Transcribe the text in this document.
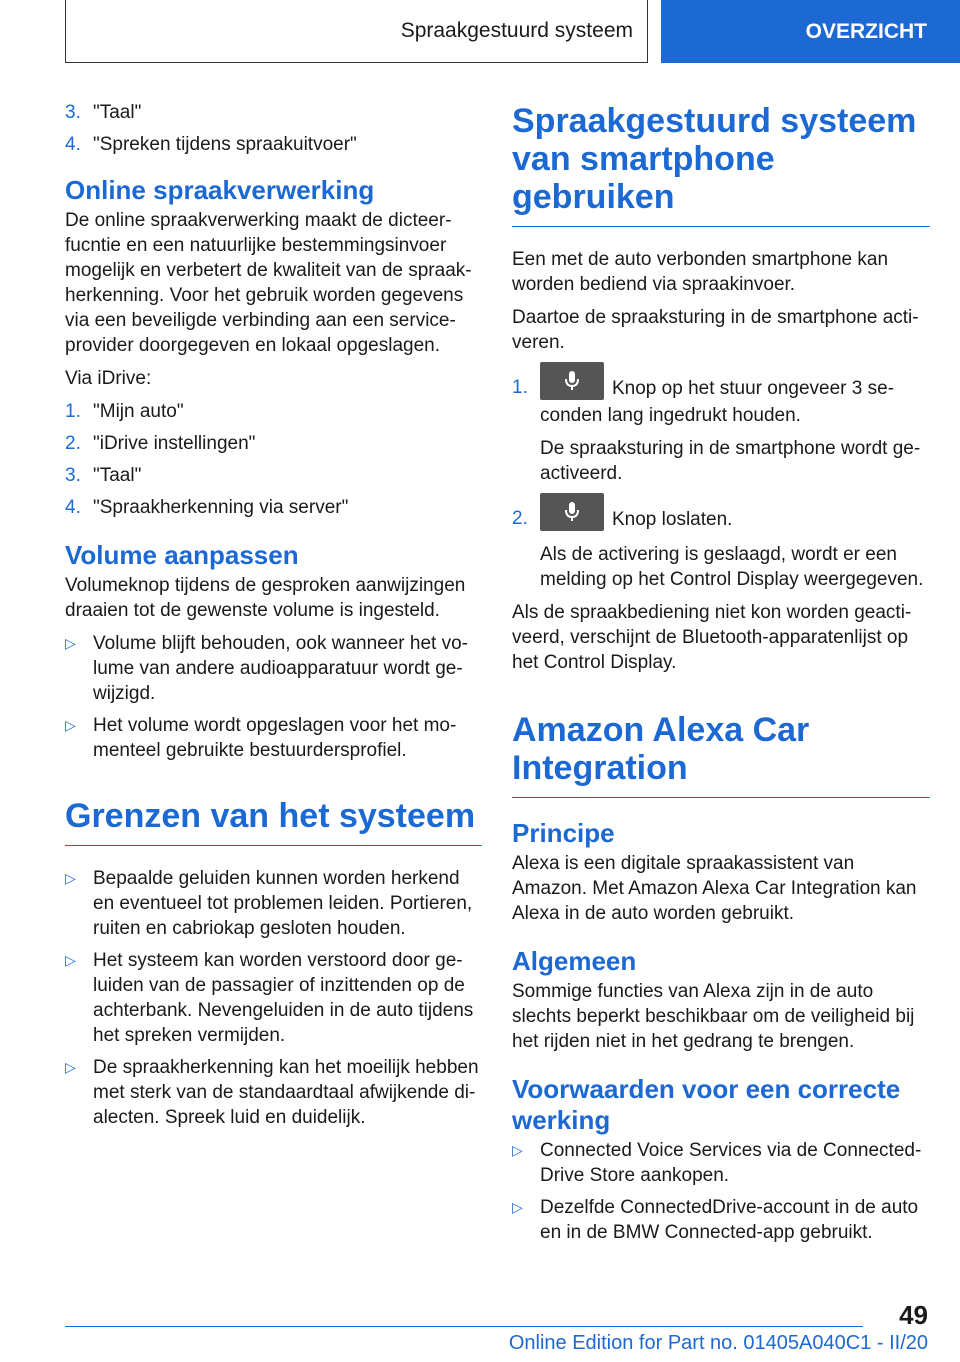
Spraakgestuurd systeem	OVERZICHT
3. "Taal"
4. "Spreken tijdens spraakuitvoer"
Online spraakverwerking

De online spraakverwerking maakt de dicteerfucntie en een natuurlijke bestemmingsinvoer mogelijk en verbetert de kwaliteit van de spraakherkenning. Voor het gebruik worden gegevens via een beveiligde verbinding aan een serviceprovider doorgegeven en lokaal opgeslagen.

Via iDrive:

1. "Mijn auto"
2. "iDrive instellingen"
3. "Taal"
4. "Spraakherkenning via server"
Volume aanpassen

Volumeknop tijdens de gesproken aanwijzingen draaien tot de gewenste volume is ingesteld.

▷ Volume blijft behouden, ook wanneer het volume van andere audioapparatuur wordt gewijzigd.
▷ Het volume wordt opgeslagen voor het momenteel gebruikte bestuurdersprofiel.
Grenzen van het systeem
▷ Bepaalde geluiden kunnen worden herkend en eventueel tot problemen leiden. Portieren, ruiten en cabriokap gesloten houden.
▷ Het systeem kan worden verstoord door geluiden van de passagier of inzittenden op de achterbank. Nevengeluiden in de auto tijdens het spreken vermijden.
▷ De spraakherkenning kan het moeilijk hebben met sterk van de standaardtaal afwijkende dialecten. Spreek luid en duidelijk.
Spraakgestuurd systeem van smartphone gebruiken

Een met de auto verbonden smartphone kan worden bediend via spraakinvoer.

Daartoe de spraaksturing in de smartphone activeren.

1.	Knop op het stuur ongeveer 3 seconden lang ingedrukt houden.
De spraaksturing in de smartphone wordt geactiveerd.
2.	Knop loslaten.
Als de activering is geslaagd, wordt er een melding op het Control Display weergegeven.

Als de spraakbediening niet kon worden geactiveerd, verschijnt de Bluetooth-apparatenlijst op het Control Display.

Amazon Alexa Car Integration
Principe

Alexa is een digitale spraakassistent van Amazon. Met Amazon Alexa Car Integration kan Alexa in de auto worden gebruikt.

Algemeen

Sommige functies van Alexa zijn in de auto slechts beperkt beschikbaar om de veiligheid bij het rijden niet in het gedrang te brengen.

Voorwaarden voor een correcte werking
▷ Connected Voice Services via de ConnectedDrive Store aankopen.
▷ Dezelfde ConnectedDrive-account in de auto en in de BMW Connected-app gebruikt.
49
Online Edition for Part no. 01405A040C1 - II/20
